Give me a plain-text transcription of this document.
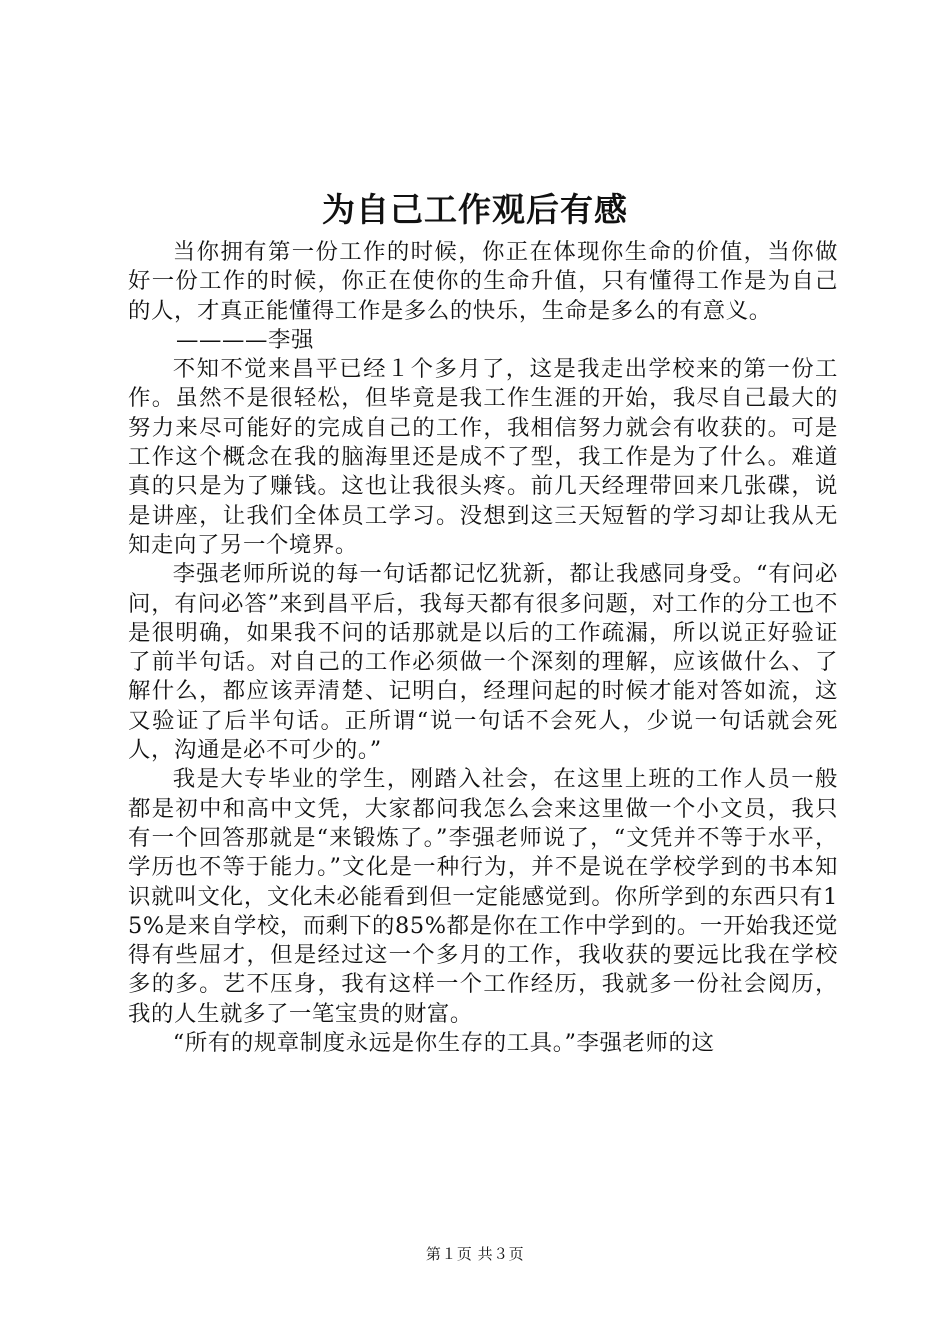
为自己工作观后有感

当你拥有第一份工作的时候，你正在体现你生命的价值，当你做好一份工作的时候，你正在使你的生命升值，只有懂得工作是为自己的人，才真正能懂得工作是多么的快乐，生命是多么的有意义。

————李强

不知不觉来昌平已经１个多月了，这是我走出学校来的第一份工作。虽然不是很轻松，但毕竟是我工作生涯的开始，我尽自己最大的努力来尽可能好的完成自己的工作，我相信努力就会有收获的。可是工作这个概念在我的脑海里还是成不了型，我工作是为了什么。难道真的只是为了赚钱。这也让我很头疼。前几天经理带回来几张碟，说是讲座，让我们全体员工学习。没想到这三天短暂的学习却让我从无知走向了另一个境界。

李强老师所说的每一句话都记忆犹新，都让我感同身受。“有问必问，有问必答”来到昌平后，我每天都有很多问题，对工作的分工也不是很明确，如果我不问的话那就是以后的工作疏漏，所以说正好验证了前半句话。对自己的工作必须做一个深刻的理解，应该做什么、了解什么，都应该弄清楚、记明白，经理问起的时候才能对答如流，这又验证了后半句话。正所谓“说一句话不会死人，少说一句话就会死人，沟通是必不可少的。”

我是大专毕业的学生，刚踏入社会，在这里上班的工作人员一般都是初中和高中文凭，大家都问我怎么会来这里做一个小文员，我只有一个回答那就是“来锻炼了。”李强老师说了，“文凭并不等于水平，学历也不等于能力。”文化是一种行为，并不是说在学校学到的书本知识就叫文化，文化未必能看到但一定能感觉到。你所学到的东西只有15%是来自学校，而剩下的85%都是你在工作中学到的。一开始我还觉得有些屈才，但是经过这一个多月的工作，我收获的要远比我在学校多的多。艺不压身，我有这样一个工作经历，我就多一份社会阅历，我的人生就多了一笔宝贵的财富。

“所有的规章制度永远是你生存的工具。”李强老师的这

第１页 共３页
